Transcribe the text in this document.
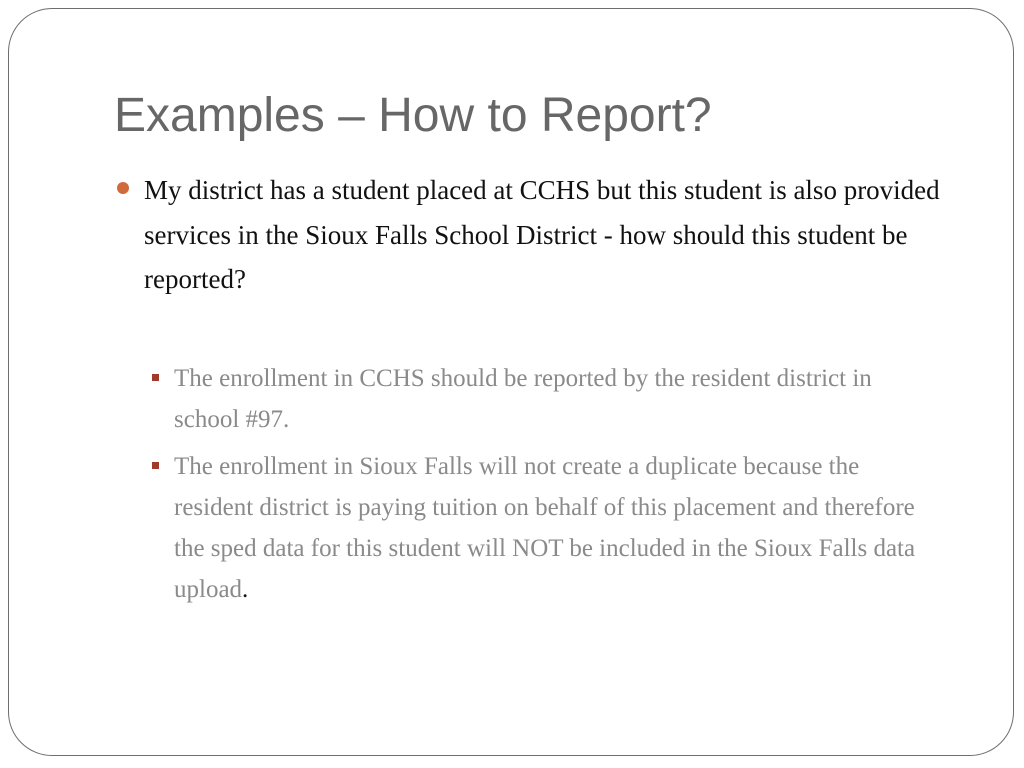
Examples – How to Report?
My district has a student placed at CCHS but this student is also provided services in the Sioux Falls School District - how should this student be reported?
The enrollment in CCHS should be reported by the resident district in school #97.
The enrollment in Sioux Falls will not create a duplicate because the resident district is paying tuition on behalf of this placement and therefore the sped data for this student will NOT be included in the Sioux Falls data upload.
